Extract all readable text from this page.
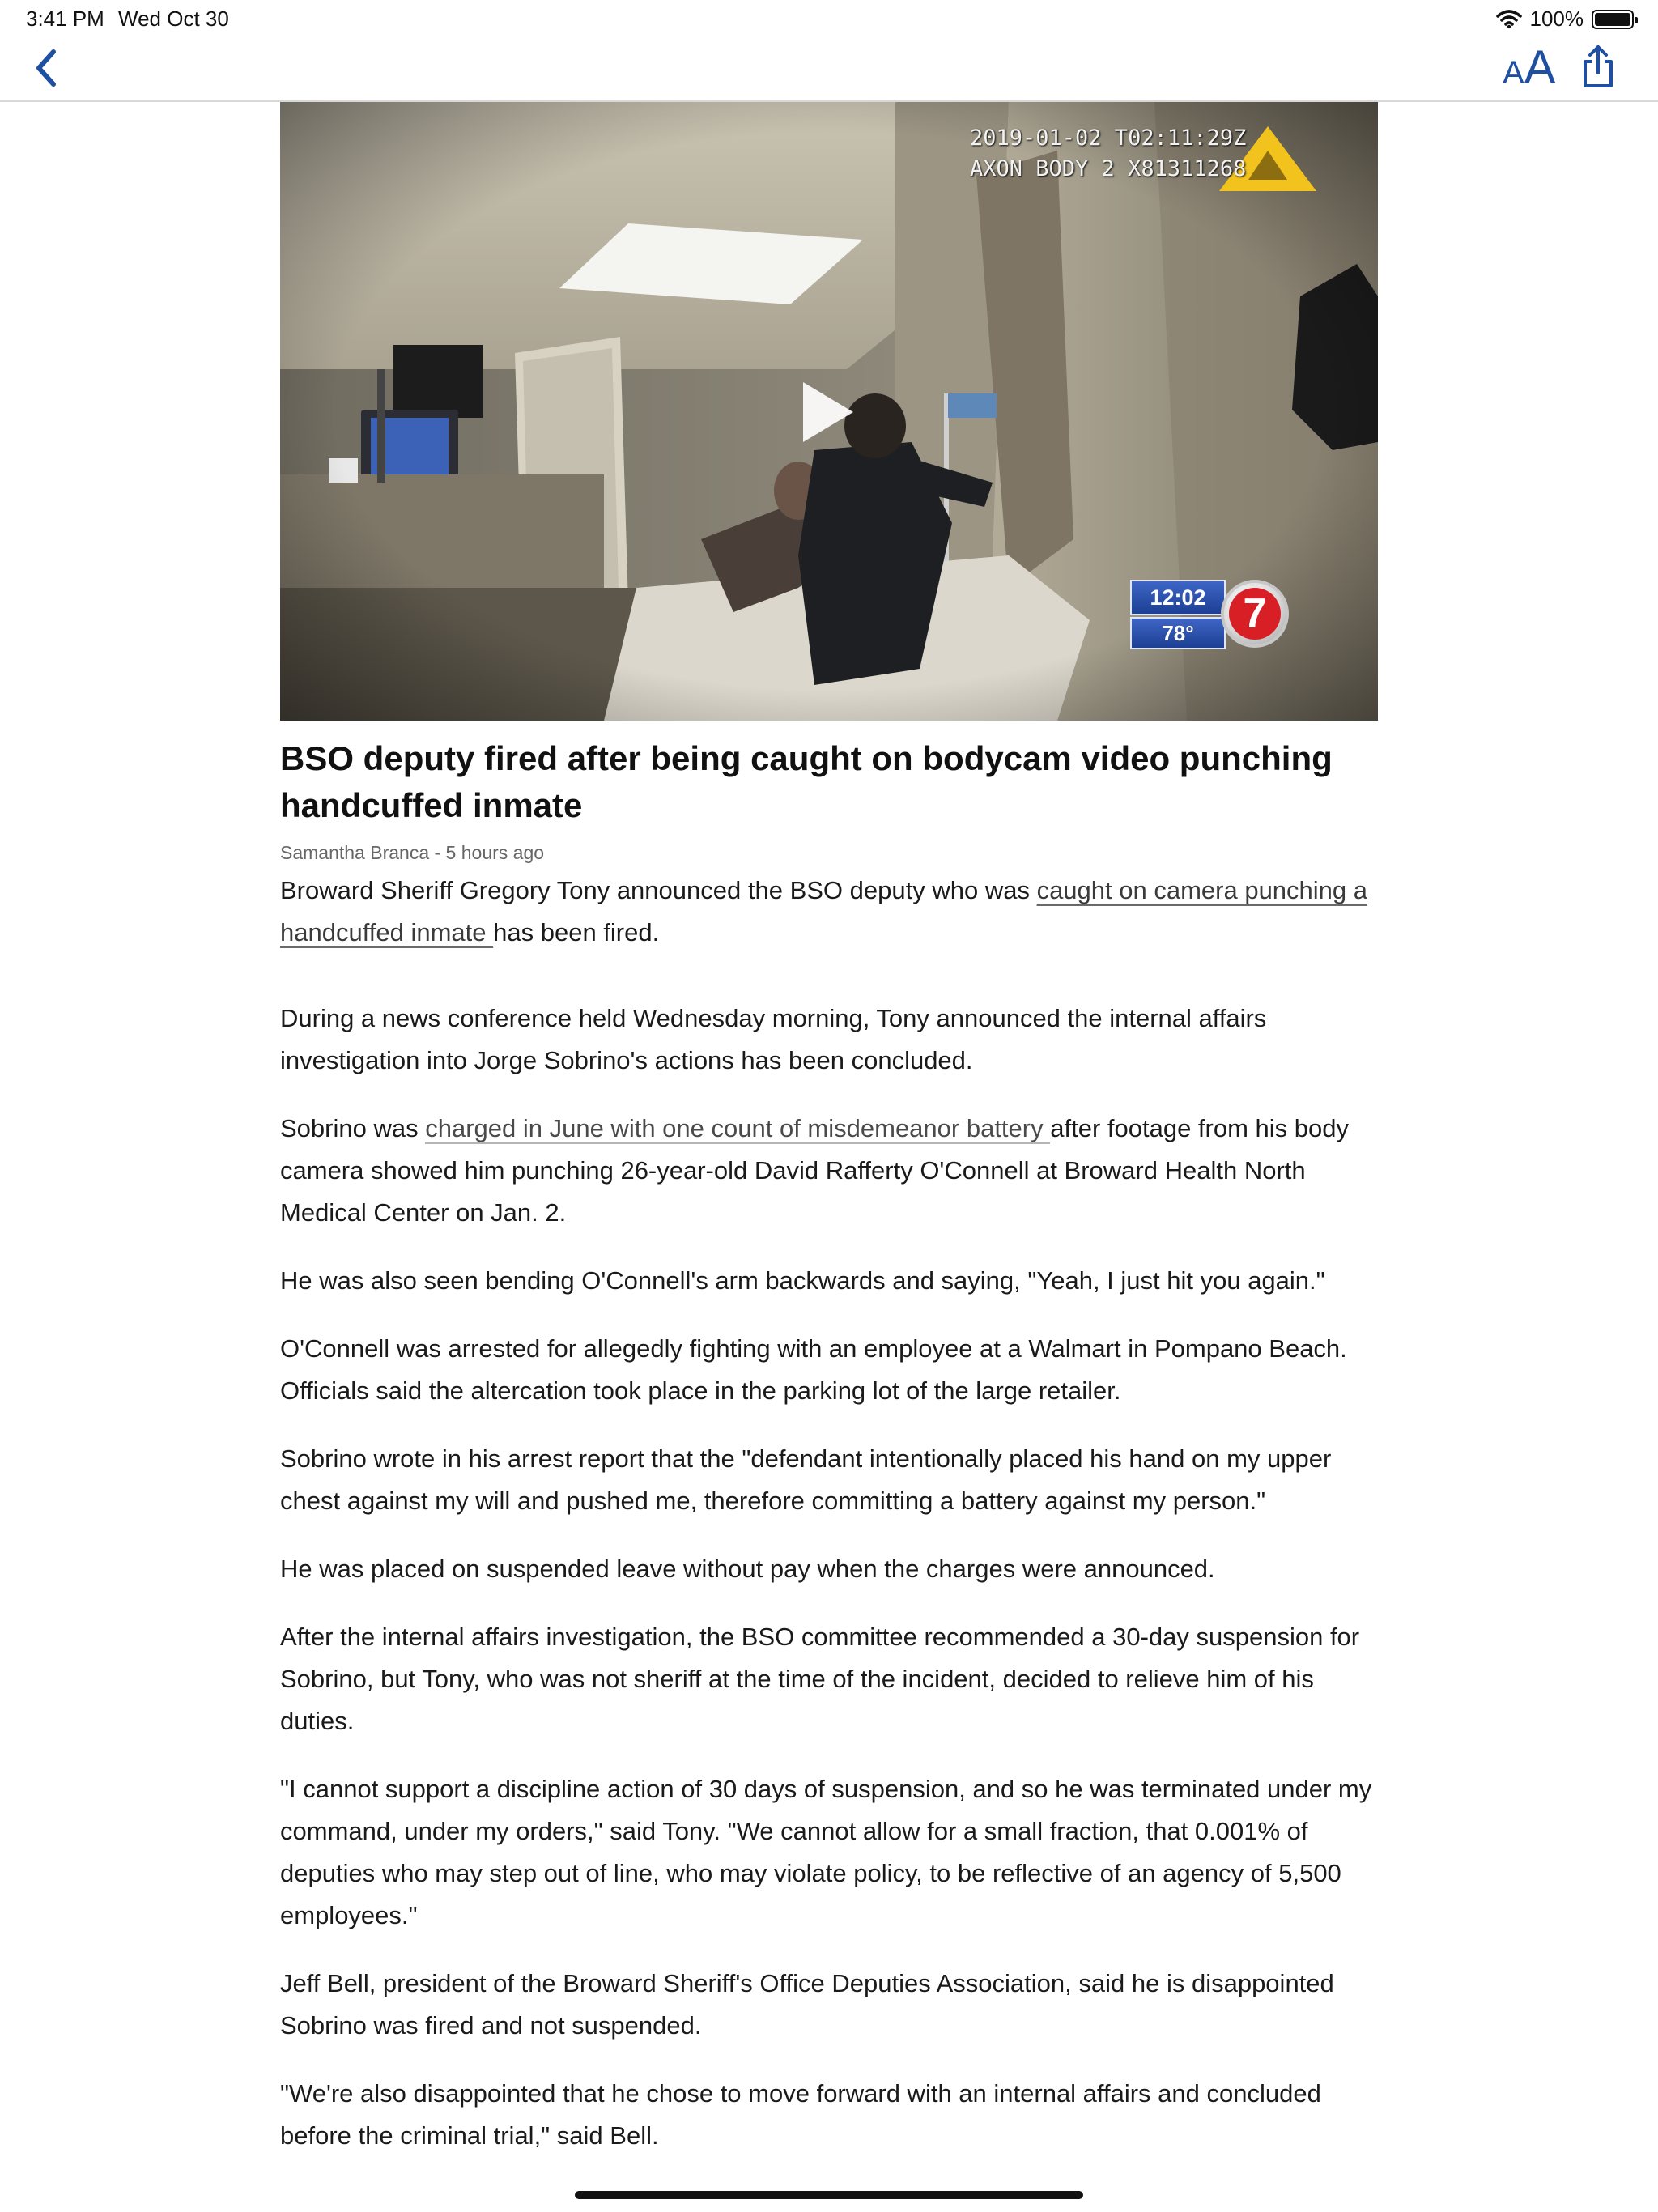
3:41 PM Wed Oct 30	100%
AA
2019-01-02 T02:11:29Z
AXON BODY 2 X81311268
12:02
78°	7
BSO deputy fired after being caught on bodycam video punching handcuffed inmate
Samantha Branca - 5 hours ago

Broward Sheriff Gregory Tony announced the BSO deputy who was caught on camera punching a handcuffed inmate has been fired.

During a news conference held Wednesday morning, Tony announced the internal affairs investigation into Jorge Sobrino's actions has been concluded.

Sobrino was charged in June with one count of misdemeanor battery after footage from his body camera showed him punching 26-year-old David Rafferty O'Connell at Broward Health North Medical Center on Jan. 2.

He was also seen bending O'Connell's arm backwards and saying, "Yeah, I just hit you again."

O'Connell was arrested for allegedly fighting with an employee at a Walmart in Pompano Beach. Officials said the altercation took place in the parking lot of the large retailer.

Sobrino wrote in his arrest report that the "defendant intentionally placed his hand on my upper chest against my will and pushed me, therefore committing a battery against my person."

He was placed on suspended leave without pay when the charges were announced.

After the internal affairs investigation, the BSO committee recommended a 30-day suspension for Sobrino, but Tony, who was not sheriff at the time of the incident, decided to relieve him of his duties.

"I cannot support a discipline action of 30 days of suspension, and so he was terminated under my command, under my orders," said Tony. "We cannot allow for a small fraction, that 0.001% of deputies who may step out of line, who may violate policy, to be reflective of an agency of 5,500 employees."

Jeff Bell, president of the Broward Sheriff's Office Deputies Association, said he is disappointed Sobrino was fired and not suspended.

"We're also disappointed that he chose to move forward with an internal affairs and concluded before the criminal trial," said Bell.
